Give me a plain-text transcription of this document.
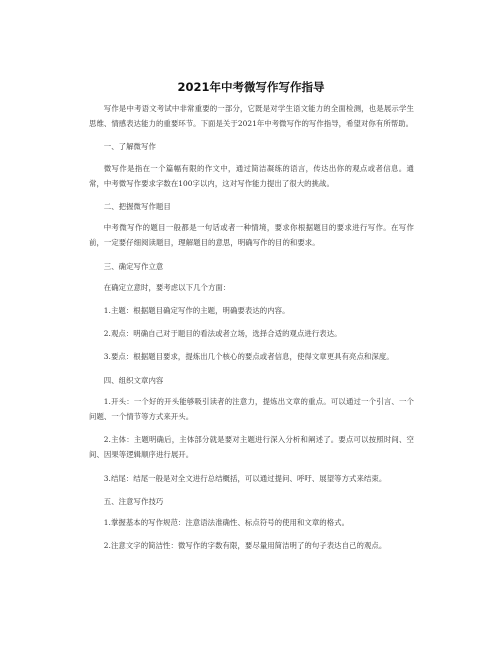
2021年中考微写作写作指导

写作是中考语文考试中非常重要的一部分，它既是对学生语文能力的全面检测，也是展示学生思维、情感表达能力的重要环节。下面是关于2021年中考微写作的写作指导，希望对你有所帮助。

一、了解微写作

微写作是指在一个篇幅有限的作文中，通过简洁凝练的语言，传达出你的观点或者信息。通常，中考微写作要求字数在100字以内，这对写作能力提出了很大的挑战。

二、把握微写作题目

中考微写作的题目一般都是一句话或者一种情境，要求你根据题目的要求进行写作。在写作前，一定要仔细阅读题目，理解题目的意思，明确写作的目的和要求。

三、确定写作立意

在确定立意时，要考虑以下几个方面：

1.主题：根据题目确定写作的主题，明确要表达的内容。

2.观点：明确自己对于题目的看法或者立场，选择合适的观点进行表达。

3.要点：根据题目要求，提炼出几个核心的要点或者信息，使得文章更具有亮点和深度。

四、组织文章内容

1.开头：一个好的开头能够吸引读者的注意力，提炼出文章的重点。可以通过一个引言、一个问题、一个情节等方式来开头。

2.主体：主题明确后，主体部分就是要对主题进行深入分析和阐述了。要点可以按照时间、空间、因果等逻辑顺序进行展开。

3.结尾：结尾一般是对全文进行总结概括，可以通过提问、呼吁、展望等方式来结束。

五、注意写作技巧

1.掌握基本的写作规范：注意语法准确性、标点符号的使用和文章的格式。

2.注意文字的简洁性：微写作的字数有限，要尽量用简洁明了的句子表达自己的观点。
